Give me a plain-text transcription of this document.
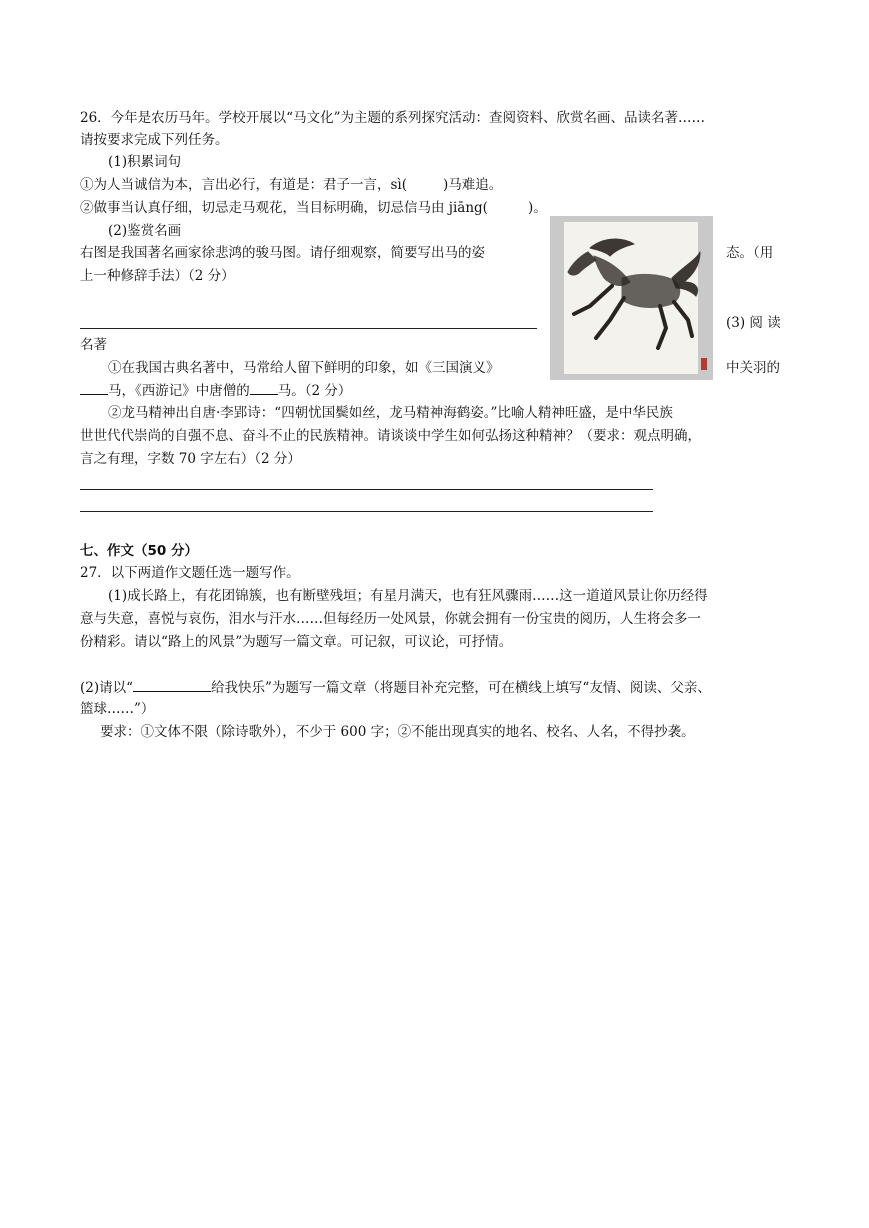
26．今年是农历马年。学校开展以“马文化”为主题的系列探究活动：查阅资料、欣赏名画、品读名著……
请按要求完成下列任务。
(1)积累词句
①为人当诚信为本，言出必行，有道是：君子一言，sì(	)马难追。
②做事当认真仔细，切忌走马观花，当目标明确，切忌信马由 jiāng(	)。
(2)鉴赏名画
右图是我国著名画家徐悲鸿的骏马图。请仔细观察，简要写出马的姿	态。（用
上一种修辞手法）（2 分）
(3) 阅 读
名著
①在我国古典名著中，马常给人留下鲜明的印象，如《三国演义》	中关羽的
马，《西游记》中唐僧的 马。（2 分）
②龙马精神出自唐·李郢诗：“四朝忧国鬓如丝，龙马精神海鹤姿。”比喻人精神旺盛，是中华民族
世世代代崇尚的自强不息、奋斗不止的民族精神。请谈谈中学生如何弘扬这种精神？（要求：观点明确，
言之有理，字数 70 字左右）（2 分）
七、作文（50 分）
27．以下两道作文题任选一题写作。
(1)成长路上，有花团锦簇，也有断壁残垣；有星月满天，也有狂风骤雨……这一道道风景让你历经得
意与失意，喜悦与哀伤，泪水与汗水……但每经历一处风景，你就会拥有一份宝贵的阅历，人生将会多一
份精彩。请以“路上的风景”为题写一篇文章。可记叙，可议论，可抒情。
(2)请以“	给我快乐”为题写一篇文章（将题目补充完整，可在横线上填写“友情、阅读、父亲、
篮球……”）
要求：①文体不限（除诗歌外），不少于 600 字；②不能出现真实的地名、校名、人名，不得抄袭。
